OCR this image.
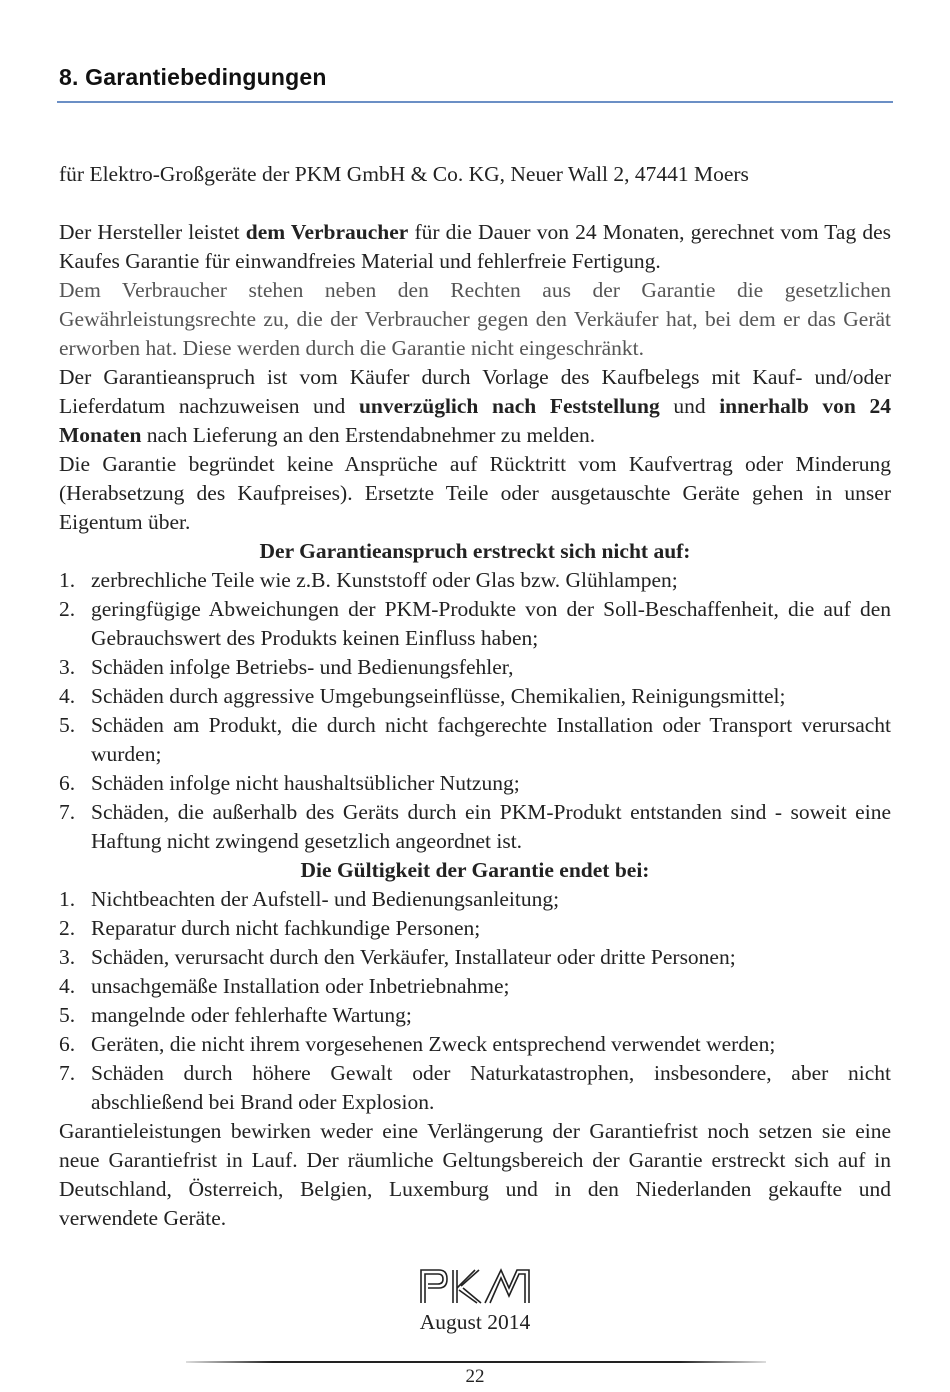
8. Garantiebedingungen

für Elektro-Großgeräte der PKM GmbH & Co. KG, Neuer Wall 2, 47441 Moers

Der Hersteller leistet dem Verbraucher für die Dauer von 24 Monaten, gerechnet vom Tag des Kaufes Garantie für einwandfreies Material und fehlerfreie Fertigung.

Dem Verbraucher stehen neben den Rechten aus der Garantie die gesetzlichen Gewährleistungsrechte zu, die der Verbraucher gegen den Verkäufer hat, bei dem er das Gerät erworben hat. Diese werden durch die Garantie nicht eingeschränkt.

Der Garantieanspruch ist vom Käufer durch Vorlage des Kaufbelegs mit Kauf- und/oder Lieferdatum nachzuweisen und unverzüglich nach Feststellung und innerhalb von 24 Monaten nach Lieferung an den Erstendabnehmer zu melden.

Die Garantie begründet keine Ansprüche auf Rücktritt vom Kaufvertrag oder Minderung (Herabsetzung des Kaufpreises). Ersetzte Teile oder ausgetauschte Geräte gehen in unser Eigentum über.

Der Garantieanspruch erstreckt sich nicht auf:

1. zerbrechliche Teile wie z.B. Kunststoff oder Glas bzw. Glühlampen;
2. geringfügige Abweichungen der PKM-Produkte von der Soll-Beschaffenheit, die auf den Gebrauchswert des Produkts keinen Einfluss haben;
3. Schäden infolge Betriebs- und Bedienungsfehler,
4. Schäden durch aggressive Umgebungseinflüsse, Chemikalien, Reinigungsmittel;
5. Schäden am Produkt, die durch nicht fachgerechte Installation oder Transport verursacht wurden;
6. Schäden infolge nicht haushaltsüblicher Nutzung;
7. Schäden, die außerhalb des Geräts durch ein PKM-Produkt entstanden sind - soweit eine Haftung nicht zwingend gesetzlich angeordnet ist.

Die Gültigkeit der Garantie endet bei:

1. Nichtbeachten der Aufstell- und Bedienungsanleitung;
2. Reparatur durch nicht fachkundige Personen;
3. Schäden, verursacht durch den Verkäufer, Installateur oder dritte Personen;
4. unsachgemäße Installation oder Inbetriebnahme;
5. mangelnde oder fehlerhafte Wartung;
6. Geräten, die nicht ihrem vorgesehenen Zweck entsprechend verwendet werden;
7. Schäden durch höhere Gewalt oder Naturkatastrophen, insbesondere, aber nicht abschließend bei Brand oder Explosion.

Garantieleistungen bewirken weder eine Verlängerung der Garantiefrist noch setzen sie eine neue Garantiefrist in Lauf. Der räumliche Geltungsbereich der Garantie erstreckt sich auf in Deutschland, Österreich, Belgien, Luxemburg und in den Niederlanden gekaufte und verwendete Geräte.

August 2014
22
